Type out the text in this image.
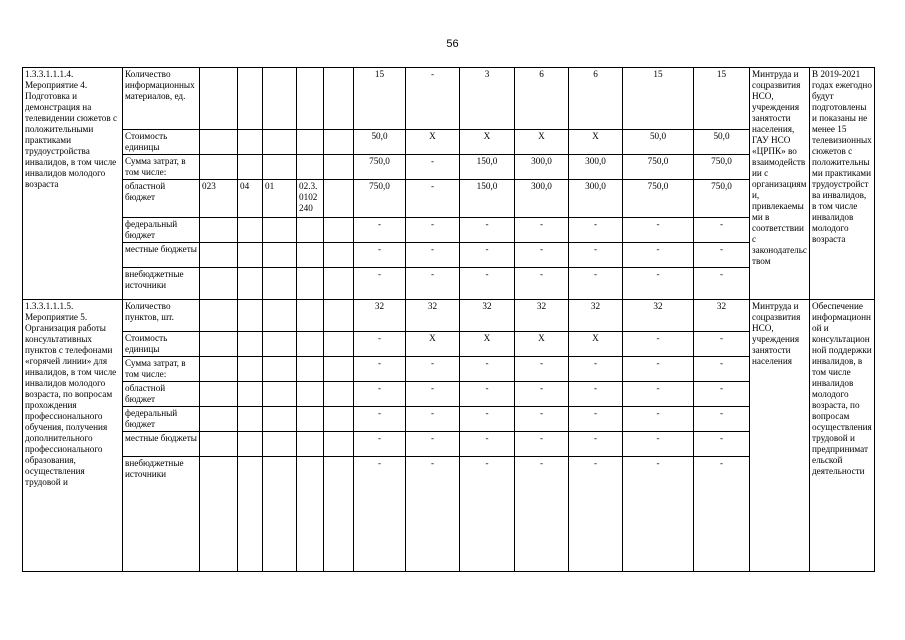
56
1.3.3.1.1.1.4. Мероприятие 4. Подготовка и демонстрация на телевидении сюжетов с положительными практиками трудоустройства инвалидов, в том числе инвалидов молодого возраста	Количество информационных материалов, ед.						15	-	3	6	6	15	15	Минтруда и соцразвития НСО, учреждения занятости населения, ГАУ НСО «ЦРПК» во взаимодействии с организациями, привлекаемыми в соответствии с законодательством	В 2019-2021 годах ежегодно будут подготовлены и показаны не менее 15 телевизионных сюжетов с положительными практиками трудоустройства инвалидов, в том числе инвалидов молодого возраста
	Стоимость единицы						50,0	Х	Х	Х	Х	50,0	50,0		
	Сумма затрат, в том числе:						750,0	-	150,0	300,0	300,0	750,0	750,0		
	областной бюджет	023	04	01	02.3.0102 240		750,0	-	150,0	300,0	300,0	750,0	750,0		
	федеральный бюджет						-	-	-	-	-	-	-		
	местные бюджеты						-	-	-	-	-	-	-		
	внебюджетные источники						-	-	-	-	-	-	-		
1.3.3.1.1.1.5. Мероприятие 5. Организация работы консультативных пунктов с телефонами «горячей линии» для инвалидов, в том числе инвалидов молодого возраста, по вопросам прохождения профессионального обучения, получения дополнительного профессионального образования, осуществления трудовой и	Количество пунктов, шт.						32	32	32	32	32	32	32	Минтруда и соцразвития НСО, учреждения занятости населения	Обеспечение информационной и консультационной поддержки инвалидов, в том числе инвалидов молодого возраста, по вопросам осуществления трудовой и предпринимательской деятельности
	Стоимость единицы						-	Х	Х	Х	Х	-	-		
	Сумма затрат, в том числе:						-	-	-	-	-	-	-		
	областной бюджет						-	-	-	-	-	-	-		
	федеральный бюджет						-	-	-	-	-	-	-		
	местные бюджеты						-	-	-	-	-	-	-		
	внебюджетные источники						-	-	-	-	-	-	-		
